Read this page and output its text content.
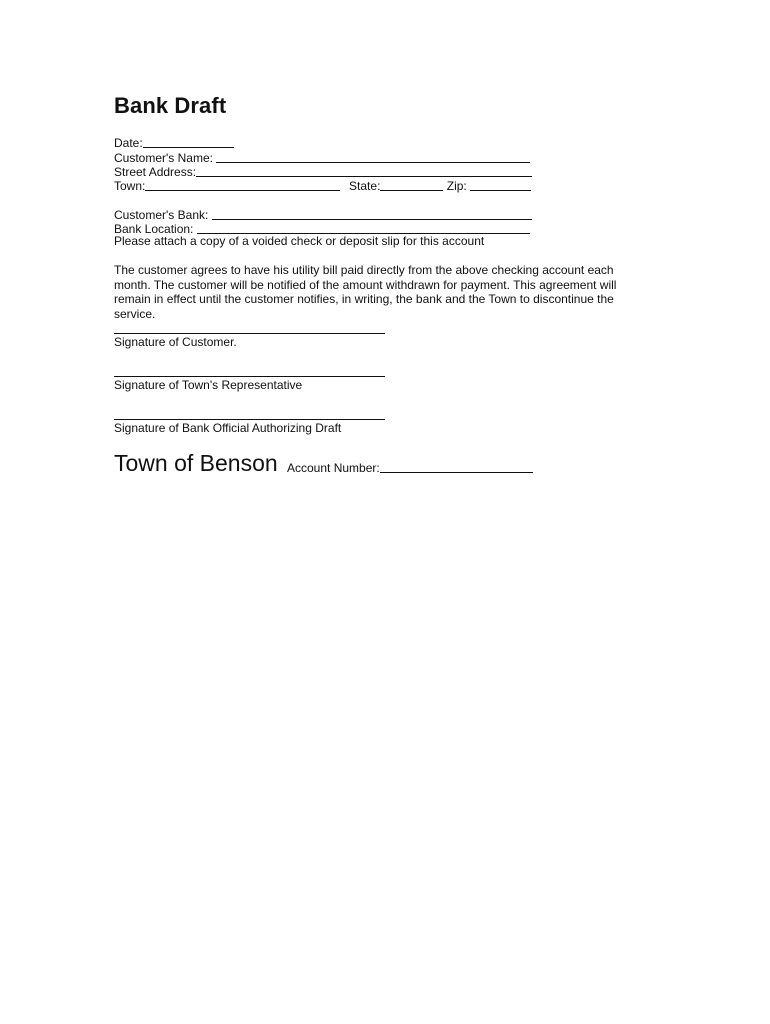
Bank Draft
Date:
Customer's Name:
Street Address:
Town:	State:	Zip:
Customer's Bank:
Bank Location:
Please attach a copy of a voided check or deposit slip for this account

The customer agrees to have his utility bill paid directly from the above checking account each
month. The customer will be notified of the amount withdrawn for payment. This agreement will
remain in effect until the customer notifies, in writing, the bank and the Town to discontinue the
service.

Signature of Customer.
Signature of Town's Representative
Signature of Bank Official Authorizing Draft
Town of Benson Account Number:
